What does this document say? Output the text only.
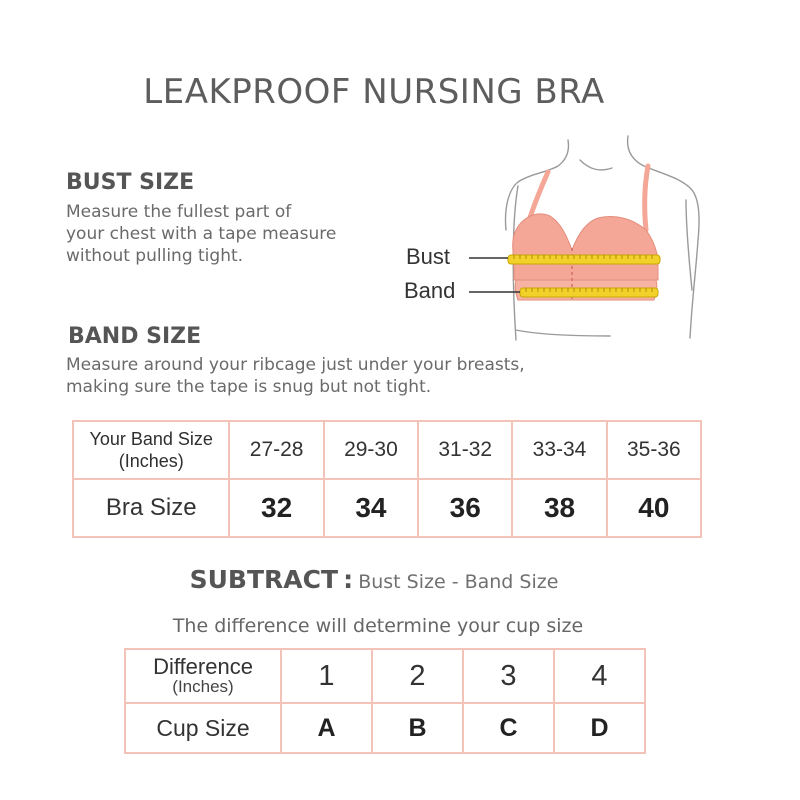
LEAKPROOF NURSING BRA
BUST SIZE
Measure the fullest part of
your chest with a tape measure
without pulling tight.	Bust
Band
BAND SIZE
Measure around your ribcage just under your breasts,
making sure the tape is snug but not tight.
Your Band Size
(Inches)	27-28	29-30	31-32	33-34	35-36
Bra Size	32	34	36	38	40
SUBTRACT : Bust Size - Band Size
The difference will determine your cup size
Difference
(Inches)	1	2	3	4
Cup Size	A	B	C	D
